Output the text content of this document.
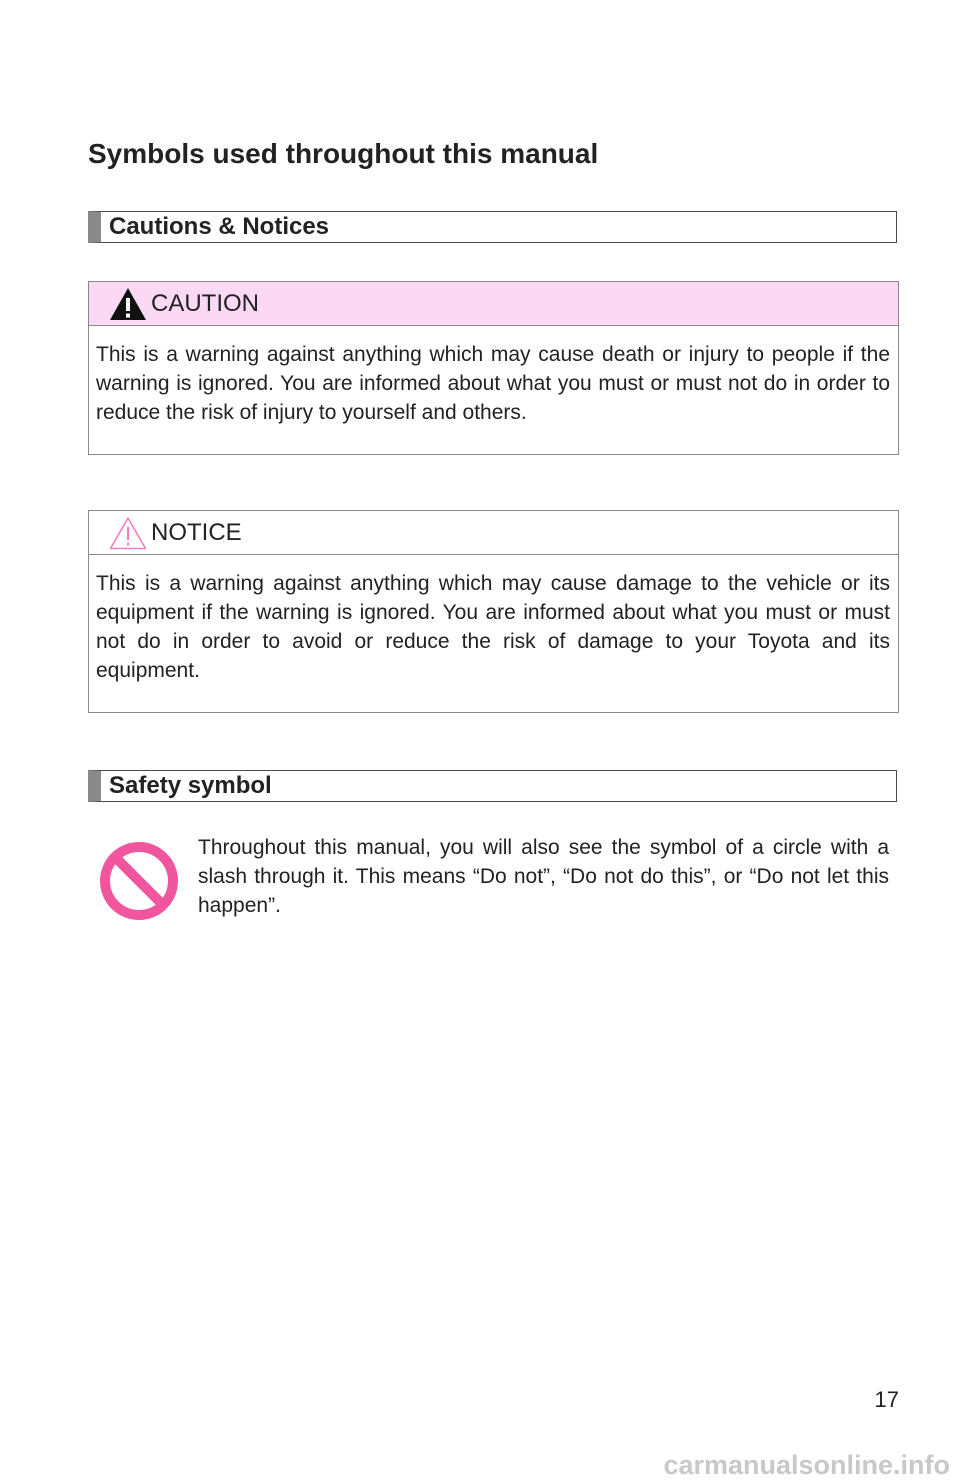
Symbols used throughout this manual
Cautions & Notices
CAUTION
This is a warning against anything which may cause death or injury to people if the warning is ignored. You are informed about what you must or must not do in order to reduce the risk of injury to yourself and others.
NOTICE
This is a warning against anything which may cause damage to the vehicle or its equipment if the warning is ignored. You are informed about what you must or must not do in order to avoid or reduce the risk of damage to your Toyota and its equipment.
Safety symbol

Throughout this manual, you will also see the symbol of a circle with a slash through it. This means “Do not”, “Do not do this”, or “Do not let this happen”.

17
carmanualsonline.info
